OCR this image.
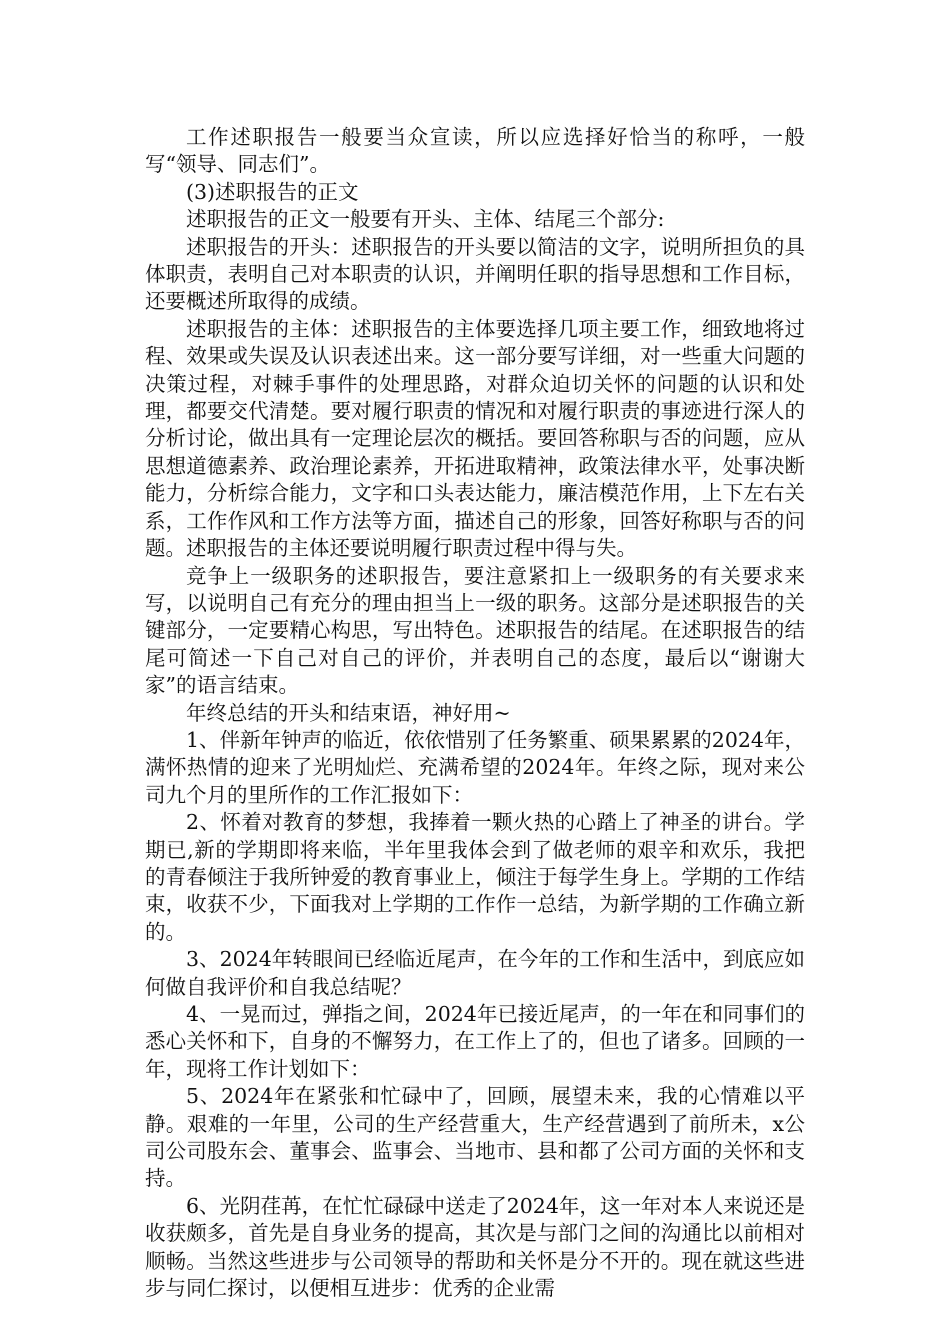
工作述职报告一般要当众宣读，所以应选择好恰当的称呼，一般写“领导、同志们”。

(3)述职报告的正文

述职报告的正文一般要有开头、主体、结尾三个部分:

述职报告的开头：述职报告的开头要以简洁的文字，说明所担负的具体职责，表明自己对本职责的认识，并阐明任职的指导思想和工作目标，还要概述所取得的成绩。

述职报告的主体：述职报告的主体要选择几项主要工作，细致地将过程、效果或失误及认识表述出来。这一部分要写详细，对一些重大问题的决策过程，对棘手事件的处理思路，对群众迫切关怀的问题的认识和处理，都要交代清楚。要对履行职责的情况和对履行职责的事迹进行深人的分析讨论，做出具有一定理论层次的概括。要回答称职与否的问题，应从思想道德素养、政治理论素养，开拓进取精神，政策法律水平，处事决断能力，分析综合能力，文字和口头表达能力，廉洁模范作用，上下左右关系，工作作风和工作方法等方面，描述自己的形象，回答好称职与否的问题。述职报告的主体还要说明履行职责过程中得与失。

竞争上一级职务的述职报告，要注意紧扣上一级职务的有关要求来写，以说明自己有充分的理由担当上一级的职务。这部分是述职报告的关键部分，一定要精心构思，写出特色。述职报告的结尾。在述职报告的结尾可简述一下自己对自己的评价，并表明自己的态度，最后以“谢谢大家”的语言结束。

年终总结的开头和结束语，神好用~

1、伴新年钟声的临近，依依惜别了任务繁重、硕果累累的2024年，满怀热情的迎来了光明灿烂、充满希望的2024年。年终之际，现对来公司九个月的里所作的工作汇报如下：

2、怀着对教育的梦想，我捧着一颗火热的心踏上了神圣的讲台。学期已,新的学期即将来临，半年里我体会到了做老师的艰辛和欢乐，我把的青春倾注于我所钟爱的教育事业上，倾注于每学生身上。学期的工作结束，收获不少，下面我对上学期的工作作一总结，为新学期的工作确立新的。

3、2024年转眼间已经临近尾声，在今年的工作和生活中，到底应如何做自我评价和自我总结呢？

4、一晃而过，弹指之间，2024年已接近尾声，的一年在和同事们的悉心关怀和下，自身的不懈努力，在工作上了的，但也了诸多。回顾的一年，现将工作计划如下：

5、2024年在紧张和忙碌中了，回顾，展望未来，我的心情难以平静。艰难的一年里，公司的生产经营重大，生产经营遇到了前所未，x公司公司股东会、董事会、监事会、当地市、县和都了公司方面的关怀和支持。

6、光阴荏苒，在忙忙碌碌中送走了2024年，这一年对本人来说还是收获颇多，首先是自身业务的提高，其次是与部门之间的沟通比以前相对顺畅。当然这些进步与公司领导的帮助和关怀是分不开的。现在就这些进步与同仁探讨，以便相互进步：优秀的企业需
